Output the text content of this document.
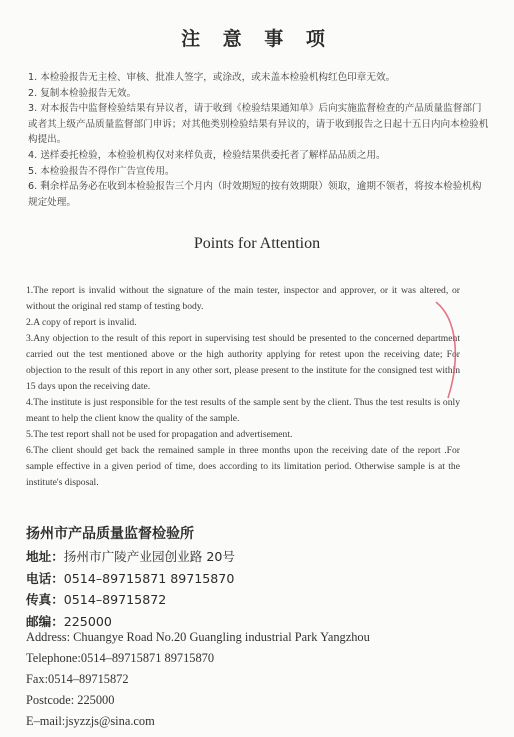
注 意 事 项
1. 本检验报告无主检、审核、批准人签字，或涂改，或未盖本检验机构红色印章无效。
2. 复制本检验报告无效。
3. 对本报告中监督检验结果有异议者，请于收到《检验结果通知单》后向实施监督检查的产品质量监督部门或者其上级产品质量监督部门申诉；对其他类别检验结果有异议的，请于收到报告之日起十五日内向本检验机构提出。
4. 送样委托检验，本检验机构仅对来样负责，检验结果供委托者了解样品品质之用。
5. 本检验报告不得作广告宣传用。
6. 剩余样品务必在收到本检验报告三个月内（时效期短的按有效期限）领取，逾期不领者，将按本检验机构规定处理。
Points for Attention
1.The report is invalid without the signature of the main tester, inspector and approver, or it was altered, or without the original red stamp of testing body.
2.A copy of report is invalid.
3.Any objection to the result of this report in supervising test should be presented to the concerned department carried out the test mentioned above or the high authority applying for retest upon the receiving date; For objection to the result of this report in any other sort, please present to the institute for the consigned test within 15 days upon the receiving date.
4.The institute is just responsible for the test results of the sample sent by the client. Thus the test results is only meant to help the client know the quality of the sample.
5.The test report shall not be used for propagation and advertisement.
6.The client should get back the remained sample in three months upon the receiving date of the report .For sample effective in a given period of time, does according to its limitation period. Otherwise sample is at the institute's disposal.
扬州市产品质量监督检验所
地址：扬州市广陵产业园创业路 20号
电话：0514–89715871 89715870
传真：0514–89715872
邮编：225000
Address: Chuangye Road No.20 Guangling industrial Park Yangzhou
Telephone:0514–89715871 89715870
Fax:0514–89715872
Postcode: 225000
E–mail:jsyzzjs@sina.com
